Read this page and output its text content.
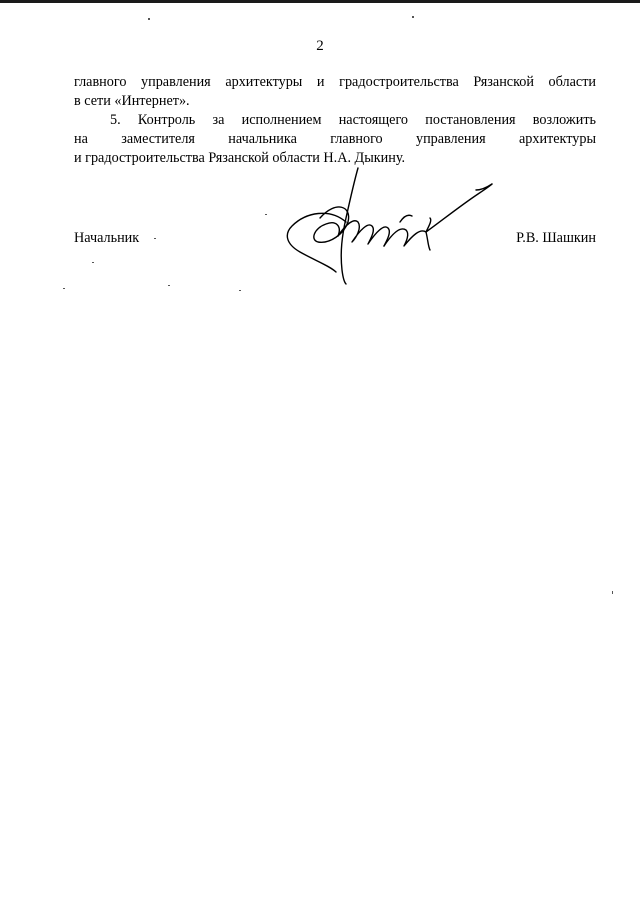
2
главного управления архитектуры и градостроительства Рязанской области
в сети «Интернет».
5. Контроль за исполнением настоящего постановления возложить
на заместителя начальника главного управления архитектуры
и градостроительства Рязанской области Н.А. Дыкину.
Начальник	Р.В. Шашкин
